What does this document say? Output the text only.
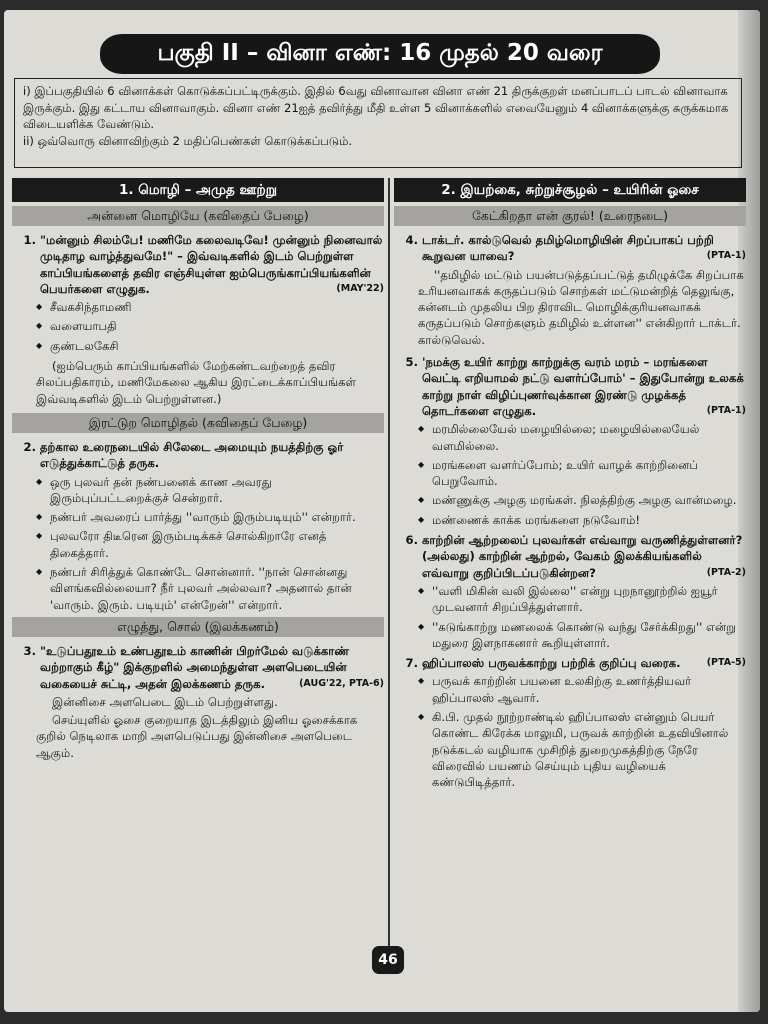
பகுதி II – வினா எண்: 16 முதல் 20 வரை

i) இப்பகுதியில் 6 வினாக்கள் கொடுக்கப்பட்டிருக்கும். இதில் 6வது வினாவான வினா எண் 21 திருக்குறள் மனப்பாடப் பாடல் வினாவாக இருக்கும். இது கட்டாய வினாவாகும். வினா எண் 21ஐத் தவிர்த்து மீதி உள்ள 5 வினாக்களில் எவையேனும் 4 வினாக்களுக்கு சுருக்கமாக விடையளிக்க வேண்டும்.

ii) ஒவ்வொரு வினாவிற்கும் 2 மதிப்பெண்கள் கொடுக்கப்படும்.

1. மொழி – அமுத ஊற்று
அன்னை மொழியே (கவிதைப் பேழை)
1. "மன்னும் சிலம்பே! மணிமே கலைவடிவே! முன்னும் நினைவால் முடிதாழ வாழ்த்துவமே!" – இவ்வடிகளில் இடம் பெற்றுள்ள காப்பியங்களைத் தவிர எஞ்சியுள்ள ஐம்பெருங்காப்பியங்களின் பெயர்களை எழுதுக.	(MAY'22)
◆ சீவகசிந்தாமணி
◆ வளையாபதி
◆ குண்டலகேசி
(ஐம்பெரும் காப்பியங்களில் மேற்கண்டவற்றைத் தவிர சிலப்பதிகாரம், மணிமேகலை ஆகிய இரட்டைக்காப்பியங்கள் இவ்வடிகளில் இடம் பெற்றுள்ளன.)
இரட்டுற மொழிதல் (கவிதைப் பேழை)
2. தற்கால உரைநடையில் சிலேடை அமையும் நயத்திற்கு ஓர் எடுத்துக்காட்டுத் தருக.
◆ ஒரு புலவர் தன் நண்பனைக் காண அவரது இரும்புப்பட்டறைக்குச் சென்றார்.
◆ நண்பர் அவரைப் பார்த்து ''வாரும் இரும்படியும்'' என்றார்.
◆ புலவரோ திடீரென இரும்படிக்கச் சொல்கிறாரே எனத் திகைத்தார்.
◆ நண்பர் சிரித்துக் கொண்டே சொன்னார். ''நான் சொன்னது விளங்கவில்லையா? நீர் புலவர் அல்லவா? அதனால் தான் 'வாரும். இரும். படியும்' என்றேன்'' என்றார்.
எழுத்து, சொல் (இலக்கணம்)
3. "உடுப்பதூஉம் உண்பதூஉம் காணின் பிறர்மேல் வடுக்காண் வற்றாகும் கீழ்" இக்குறளில் அமைந்துள்ள அளபெடையின் வகையைச் சுட்டி, அதன் இலக்கணம் தருக.	(AUG'22, PTA-6)
இன்னிசை அளபெடை இடம் பெற்றுள்ளது.
செய்யுளில் ஓசை குறையாத இடத்திலும் இனிய ஓசைக்காக குறில் நெடிலாக மாறி அளபெடுப்பது இன்னிசை அளபெடை ஆகும்.
2. இயற்கை, சுற்றுச்சூழல் – உயிரின் ஓசை
கேட்கிறதா என் குரல்! (உரைநடை)
4. டாக்டர். கால்டுவெல் தமிழ்மொழியின் சிறப்பாகப் பற்றி கூறுவன யாவை?	(PTA-1)
''தமிழில் மட்டும் பயன்படுத்தப்பட்டுத் தமிழுக்கே சிறப்பாக உரியனவாகக் கருதப்படும் சொற்கள் மட்டுமன்றித் தெலுங்கு, கன்னடம் முதலிய பிற திராவிட மொழிக்குரியனவாகக் கருதப்படும் சொற்களும் தமிழில் உள்ளன'' என்கிறார் டாக்டர். கால்டுவெல்.
5. 'நமக்கு உயிர் காற்று காற்றுக்கு வரம் மரம் – மரங்களை வெட்டி எறியாமல் நட்டு வளர்ப்போம்' – இதுபோன்று உலகக் காற்று நாள் விழிப்புணர்வுக்கான இரண்டு முழக்கத் தொடர்களை எழுதுக.	(PTA-1)
◆ மரமில்லையேல் மழையில்லை; மழையில்லையேல் வளமில்லை.
◆ மரங்களை வளர்ப்போம்; உயிர் வாழக் காற்றினைப் பெறுவோம்.
◆ மண்ணுக்கு அழகு மரங்கள். நிலத்திற்கு அழகு வான்மழை.
◆ மண்ணைக் காக்க மரங்களை நடுவோம்!
6. காற்றின் ஆற்றலைப் புலவர்கள் எவ்வாறு வருணித்துள்ளனர்? (அல்லது) காற்றின் ஆற்றல், வேகம் இலக்கியங்களில் எவ்வாறு குறிப்பிடப்படுகின்றன?	(PTA-2)
◆ ''வளி மிகின் வலி இல்லை'' என்று புறநானூற்றில் ஐயூர் முடவனார் சிறப்பித்துள்ளார்.
◆ ''கடுங்காற்று மணலைக் கொண்டு வந்து சேர்க்கிறது'' என்று மதுரை இளநாகனார் கூறியுள்ளார்.
7. ஹிப்பாலஸ் பருவக்காற்று பற்றிக் குறிப்பு வரைக.	(PTA-5)
◆ பருவக் காற்றின் பயனை உலகிற்கு உணர்த்தியவர் ஹிப்பாலஸ் ஆவார்.
◆ கி.பி. முதல் நூற்றாண்டில் ஹிப்பாலஸ் என்னும் பெயர் கொண்ட கிரேக்க மாலுமி, பருவக் காற்றின் உதவியினால் நடுக்கடல் வழியாக முசிறித் துறைமுகத்திற்கு நேரே விரைவில் பயணம் செய்யும் புதிய வழியைக் கண்டுபிடித்தார்.
46
